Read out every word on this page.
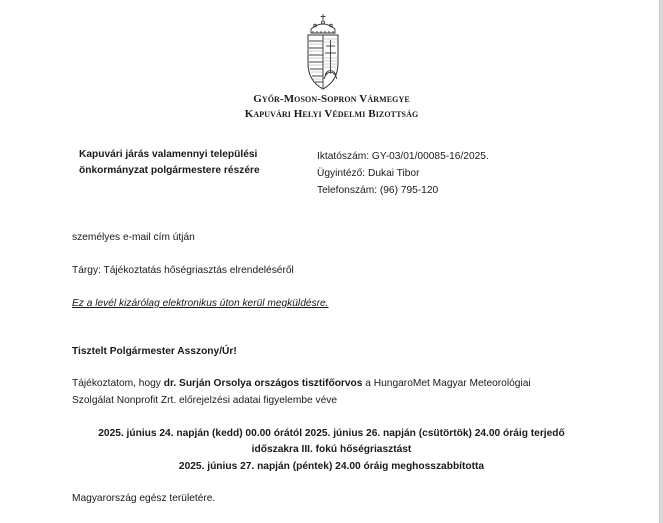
Győr-Moson-Sopron Vármegye
Kapuvári Helyi Védelmi Bizottság
Kapuvári járás valamennyi települési
önkormányzat polgármestere részére
Iktatószám: GY-03/01/00085-16/2025.
Ügyintéző: Dukai Tibor
Telefonszám: (96) 795-120
személyes e-mail cím útján
Tárgy: Tájékoztatás hőségriasztás elrendeléséről
Ez a levél kizárólag elektronikus úton kerül megküldésre.
Tisztelt Polgármester Asszony/Úr!
Tájékoztatom, hogy dr. Surján Orsolya országos tisztifőorvos a HungaroMet Magyar Meteorológiai
Szolgálat Nonprofit Zrt. előrejelzési adatai figyelembe véve
2025. június 24. napján (kedd) 00.00 órától 2025. június 26. napján (csütörtök) 24.00 óráig terjedő
időszakra III. fokú hőségriasztást
2025. június 27. napján (péntek) 24.00 óráig meghosszabbította
Magyarország egész területére.
